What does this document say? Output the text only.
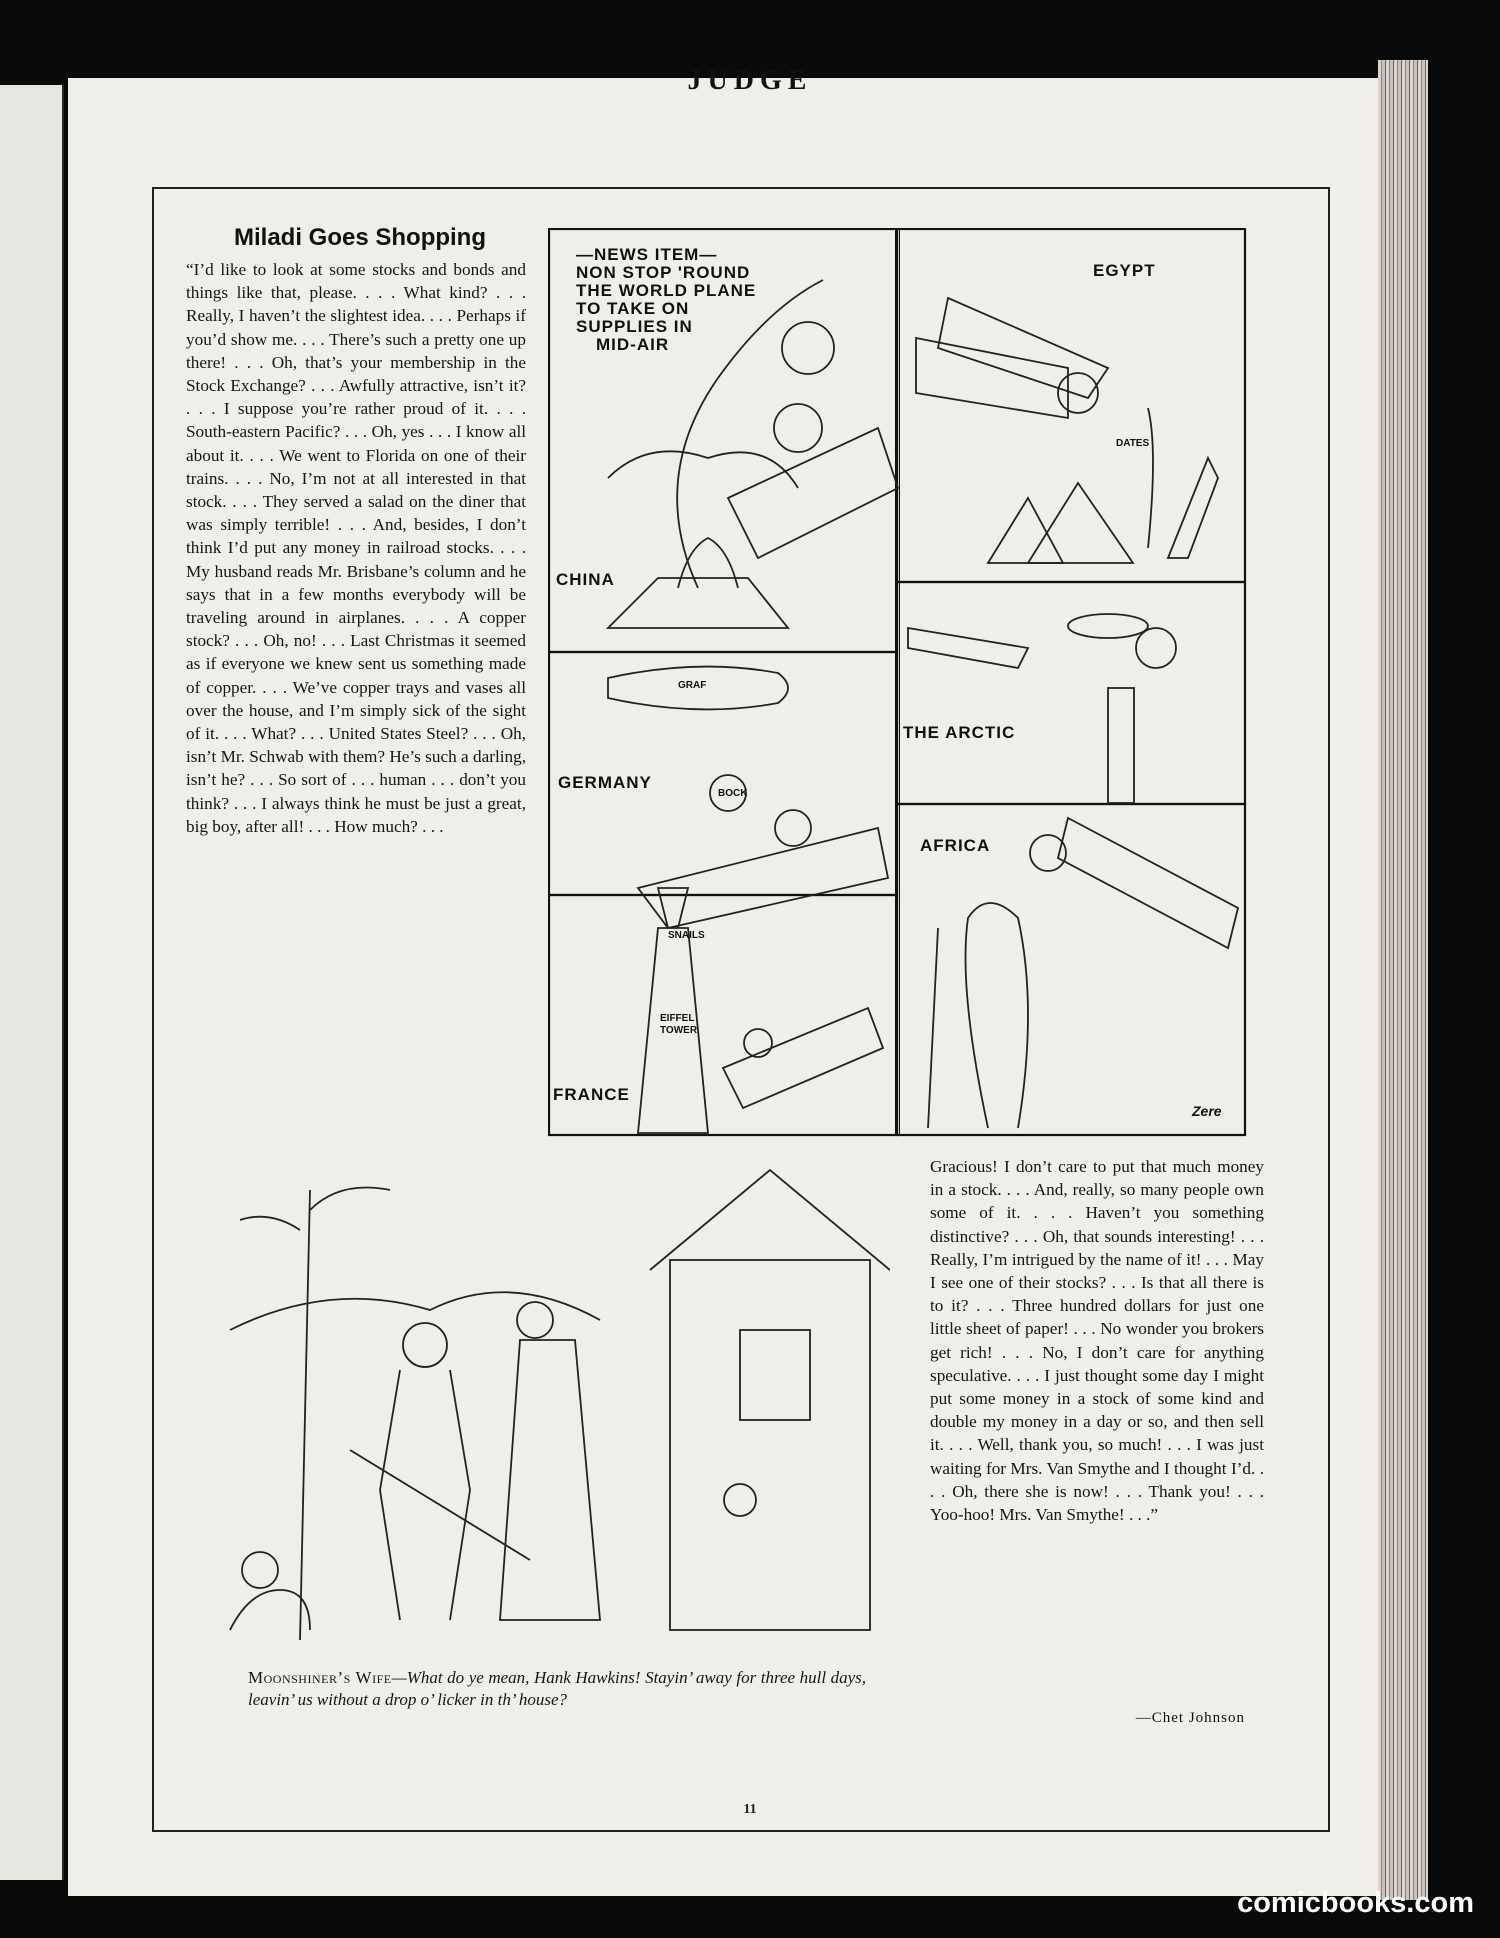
JUDGE
Miladi Goes Shopping
“I’d like to look at some stocks and bonds and things like that, please. . . . What kind? . . . Really, I haven’t the slightest idea. . . . Perhaps if you’d show me. . . . There’s such a pretty one up there! . . . Oh, that’s your membership in the Stock Exchange? . . . Awfully attractive, isn’t it? . . . I suppose you’re rather proud of it. . . . South-eastern Pacific? . . . Oh, yes . . . I know all about it. . . . We went to Florida on one of their trains. . . . No, I’m not at all interested in that stock. . . . They served a salad on the diner that was simply terrible! . . . And, besides, I don’t think I’d put any money in railroad stocks. . . . My husband reads Mr. Brisbane’s column and he says that in a few months everybody will be traveling around in airplanes. . . . A copper stock? . . . Oh, no! . . . Last Christmas it seemed as if everyone we knew sent us something made of copper. . . . We’ve copper trays and vases all over the house, and I’m simply sick of the sight of it. . . . What? . . . United States Steel? . . . Oh, isn’t Mr. Schwab with them? He’s such a darling, isn’t he? . . . So sort of . . . human . . . don’t you think? . . . I always think he must be just a great, big boy, after all! . . . How much? . . .
—NEWS ITEM—
NON STOP 'ROUND
THE WORLD PLANE
TO TAKE ON
SUPPLIES IN
MID-AIR
CHINA
EGYPT
GERMANY
THE ARCTIC
FRANCE
AFRICA
DATES
GRAF
BOCK
SNAILS
EIFFEL
TOWER
Zere
Moonshiner’s Wife—What do ye mean, Hank Hawkins! Stayin’ away for three hull days, leavin’ us without a drop o’ licker in th’ house?
Gracious! I don’t care to put that much money in a stock. . . . And, really, so many people own some of it. . . . Haven’t you something distinctive? . . . Oh, that sounds interesting! . . . Really, I’m intrigued by the name of it! . . . May I see one of their stocks? . . . Is that all there is to it? . . . Three hundred dollars for just one little sheet of paper! . . . No wonder you brokers get rich! . . . No, I don’t care for anything speculative. . . . I just thought some day I might put some money in a stock of some kind and double my money in a day or so, and then sell it. . . . Well, thank you, so much! . . . I was just waiting for Mrs. Van Smythe and I thought I’d. . . . Oh, there she is now! . . . Thank you! . . . Yoo-hoo! Mrs. Van Smythe! . . .”
—Chet Johnson
11
comicbooks.com
